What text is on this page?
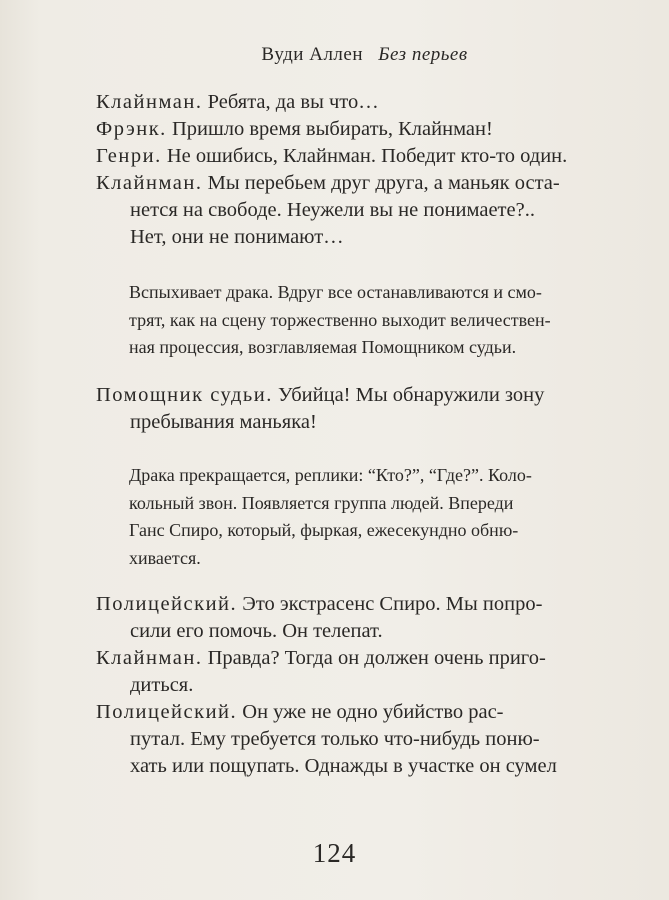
Вуди Аллен Без перьев
Клайнман. Ребята, да вы что…
Фрэнк. Пришло время выбирать, Клайнман!
Генри. Не ошибись, Клайнман. Победит кто-то один.
Клайнман. Мы перебьем друг друга, а маньяк оста-
нется на свободе. Неужели вы не понимаете?..
Нет, они не понимают…
Вспыхивает драка. Вдруг все останавливаются и смо-
трят, как на сцену торжественно выходит величествен-
ная процессия, возглавляемая Помощником судьи.
Помощник судьи. Убийца! Мы обнаружили зону
пребывания маньяка!
Драка прекращается, реплики: “Кто?”, “Где?”. Коло-
кольный звон. Появляется группа людей. Впереди
Ганс Спиро, который, фыркая, ежесекундно обню-
хивается.
Полицейский. Это экстрасенс Спиро. Мы попро-
сили его помочь. Он телепат.
Клайнман. Правда? Тогда он должен очень приго-
диться.
Полицейский. Он уже не одно убийство рас-
путал. Ему требуется только что-нибудь поню-
хать или пощупать. Однажды в участке он сумел
124
